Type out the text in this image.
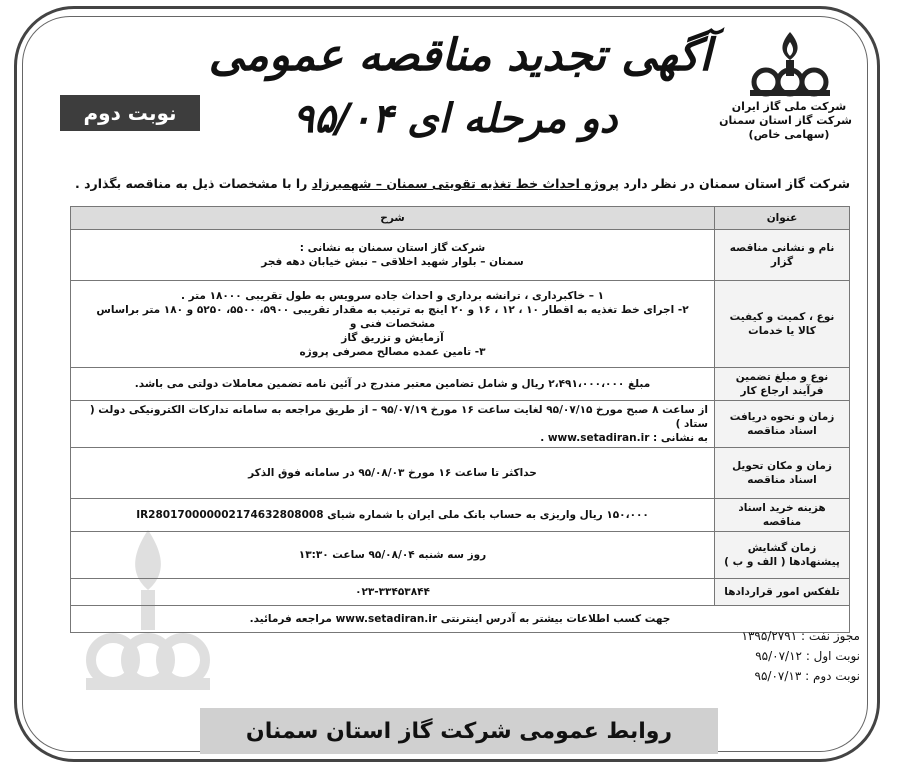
شرکت ملی گاز ایران
شرکت گاز استان سمنان
(سهامی خاص)
آگهی تجدید مناقصه عمومی
دو مرحله ای ۹۵/۰۴
نوبت دوم
شرکت گاز استان سمنان در نظر دارد پروژه احداث خط تغذیه تقویتی سمنان – شهمیرزاد را با مشخصات ذیل به مناقصه بگذارد .
عنوان	شرح
نام و نشانی مناقصه گزار	شرکت گاز استان سمنان به نشانی :
سمنان – بلوار شهید اخلاقی – نبش خیابان دهه فجر

نوع ، کمیت و کیفیت کالا یا خدمات	۱ – خاکبرداری ، ترانشه برداری و احداث جاده سرویس به طول تقریبی ۱۸۰۰۰ متر .
۲- اجرای خط تغذیه به اقطار ۱۰ ، ۱۲ ، ۱۶ و ۲۰ اینچ به ترتیب به مقدار تقریبی ۵۹۰۰، ۵۵۰۰، ۵۲۵۰ و ۱۸۰ متر براساس مشخصات فنی و
آزمایش و تزریق گاز
۳- تامین عمده مصالح مصرفی پروژه

نوع و مبلغ تضمین فرآیند ارجاع کار	مبلغ ۲،۴۹۱،۰۰۰،۰۰۰ ریال و شامل تضامین معتبر مندرج در آئین نامه تضمین معاملات دولتی می باشد.

زمان و نحوه دریافت اسناد مناقصه	از ساعت ۸ صبح مورخ ۹۵/۰۷/۱۵ لغایت ساعت ۱۶ مورخ ۹۵/۰۷/۱۹ – از طریق مراجعه به سامانه تدارکات الکترونیکی دولت ( ستاد )
به نشانی : www.setadiran.ir .

زمان و مکان تحویل اسناد مناقصه	حداکثر تا ساعت ۱۶ مورخ ۹۵/۰۸/۰۳ در سامانه فوق الذکر

هزینه خرید اسناد مناقصه	۱۵۰،۰۰۰ ریال واریزی به حساب بانک ملی ایران با شماره شبای IR280170000002174632808008

زمان گشایش پیشنهادها ( الف و ب )	روز سه شنبه ۹۵/۰۸/۰۴ ساعت ۱۳:۳۰

تلفکس امور قراردادها	۰۲۳-۳۳۴۵۳۸۴۴

جهت کسب اطلاعات بیشتر به آدرس اینترنتی www.setadiran.ir مراجعه فرمائید.	
مجوز نفت : ۱۳۹۵/۲۷۹۱
نوبت اول : ۹۵/۰۷/۱۲
نوبت دوم : ۹۵/۰۷/۱۳
روابط عمومی شرکت گاز استان سمنان
